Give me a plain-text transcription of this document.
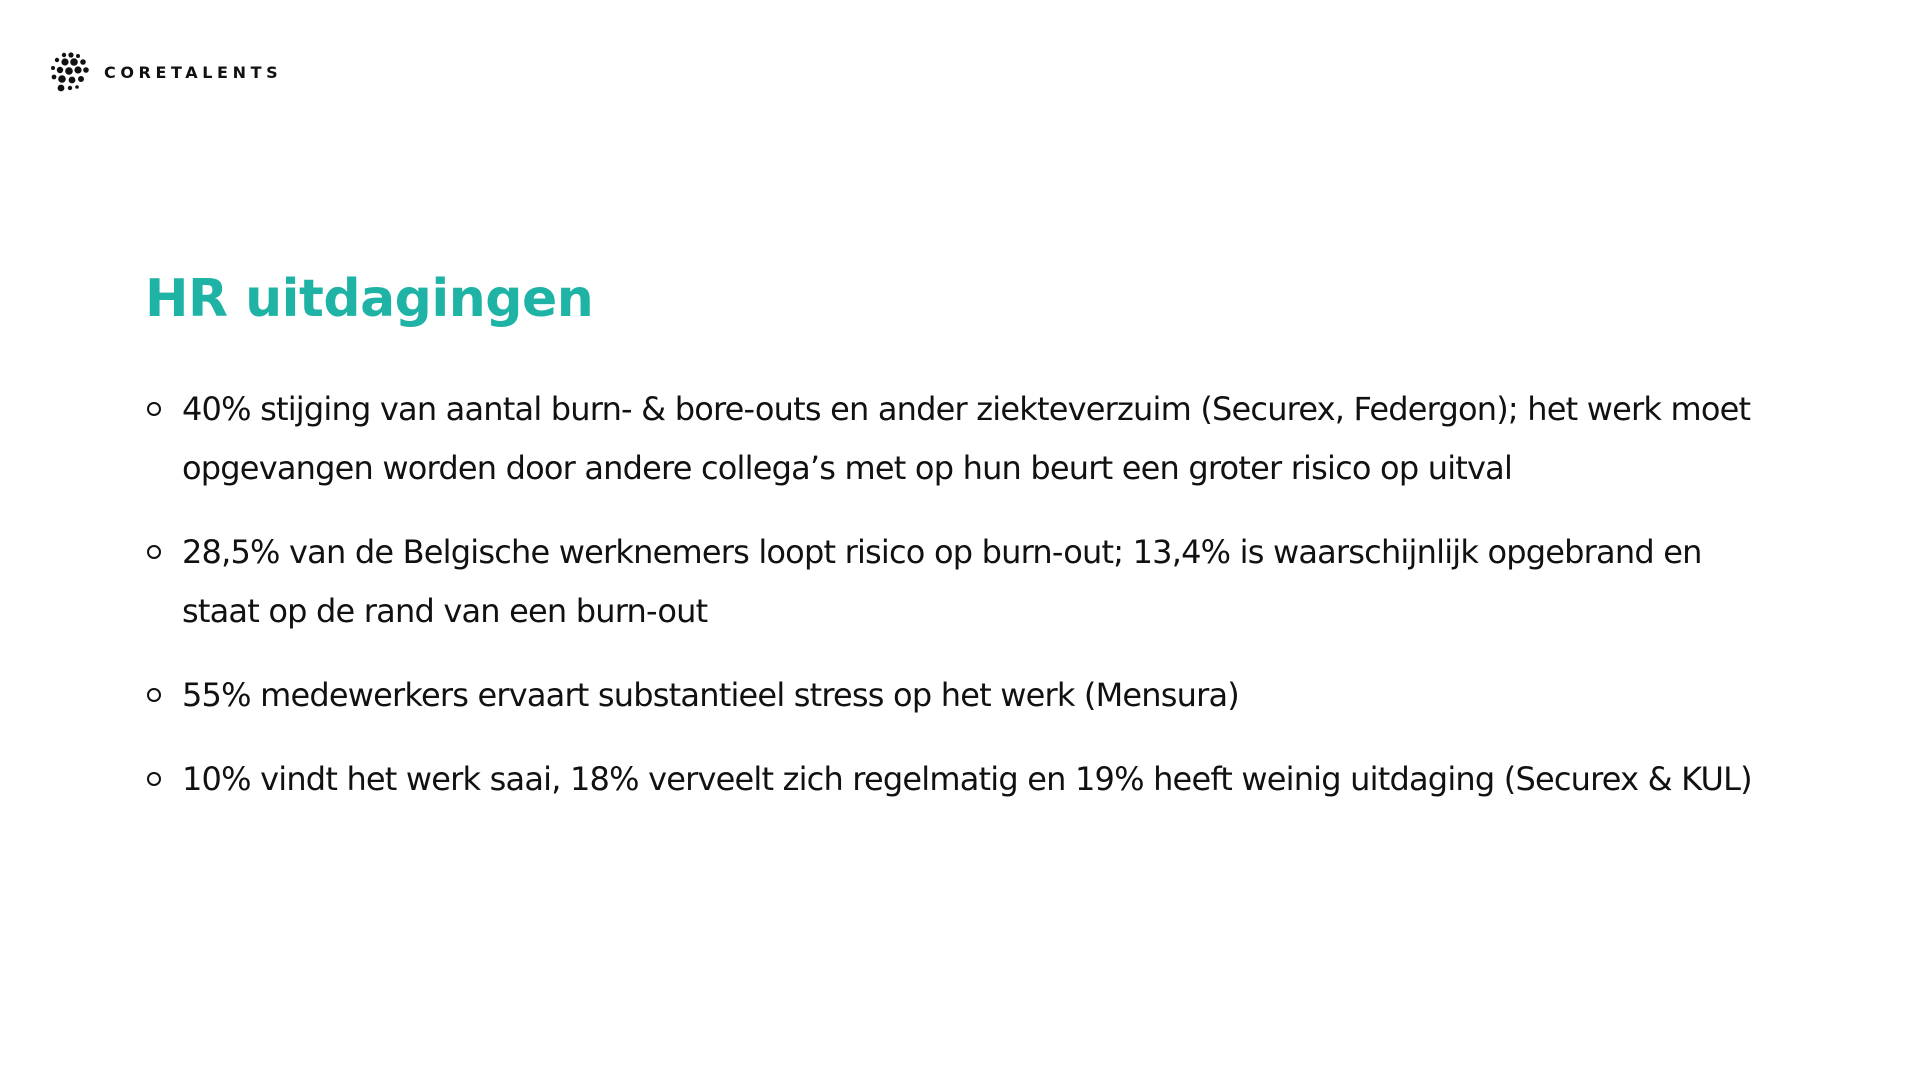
CORETALENTS
HR uitdagingen
40% stijging van aantal burn- & bore-outs en ander ziekteverzuim (Securex, Federgon); het werk moet opgevangen worden door andere collega’s met op hun beurt een groter risico op uitval
28,5% van de Belgische werknemers loopt risico op burn-out; 13,4% is waarschijnlijk opgebrand en staat op de rand van een burn-out
55% medewerkers ervaart substantieel stress op het werk (Mensura)
10% vindt het werk saai, 18% verveelt zich regelmatig en 19% heeft weinig uitdaging (Securex & KUL)
